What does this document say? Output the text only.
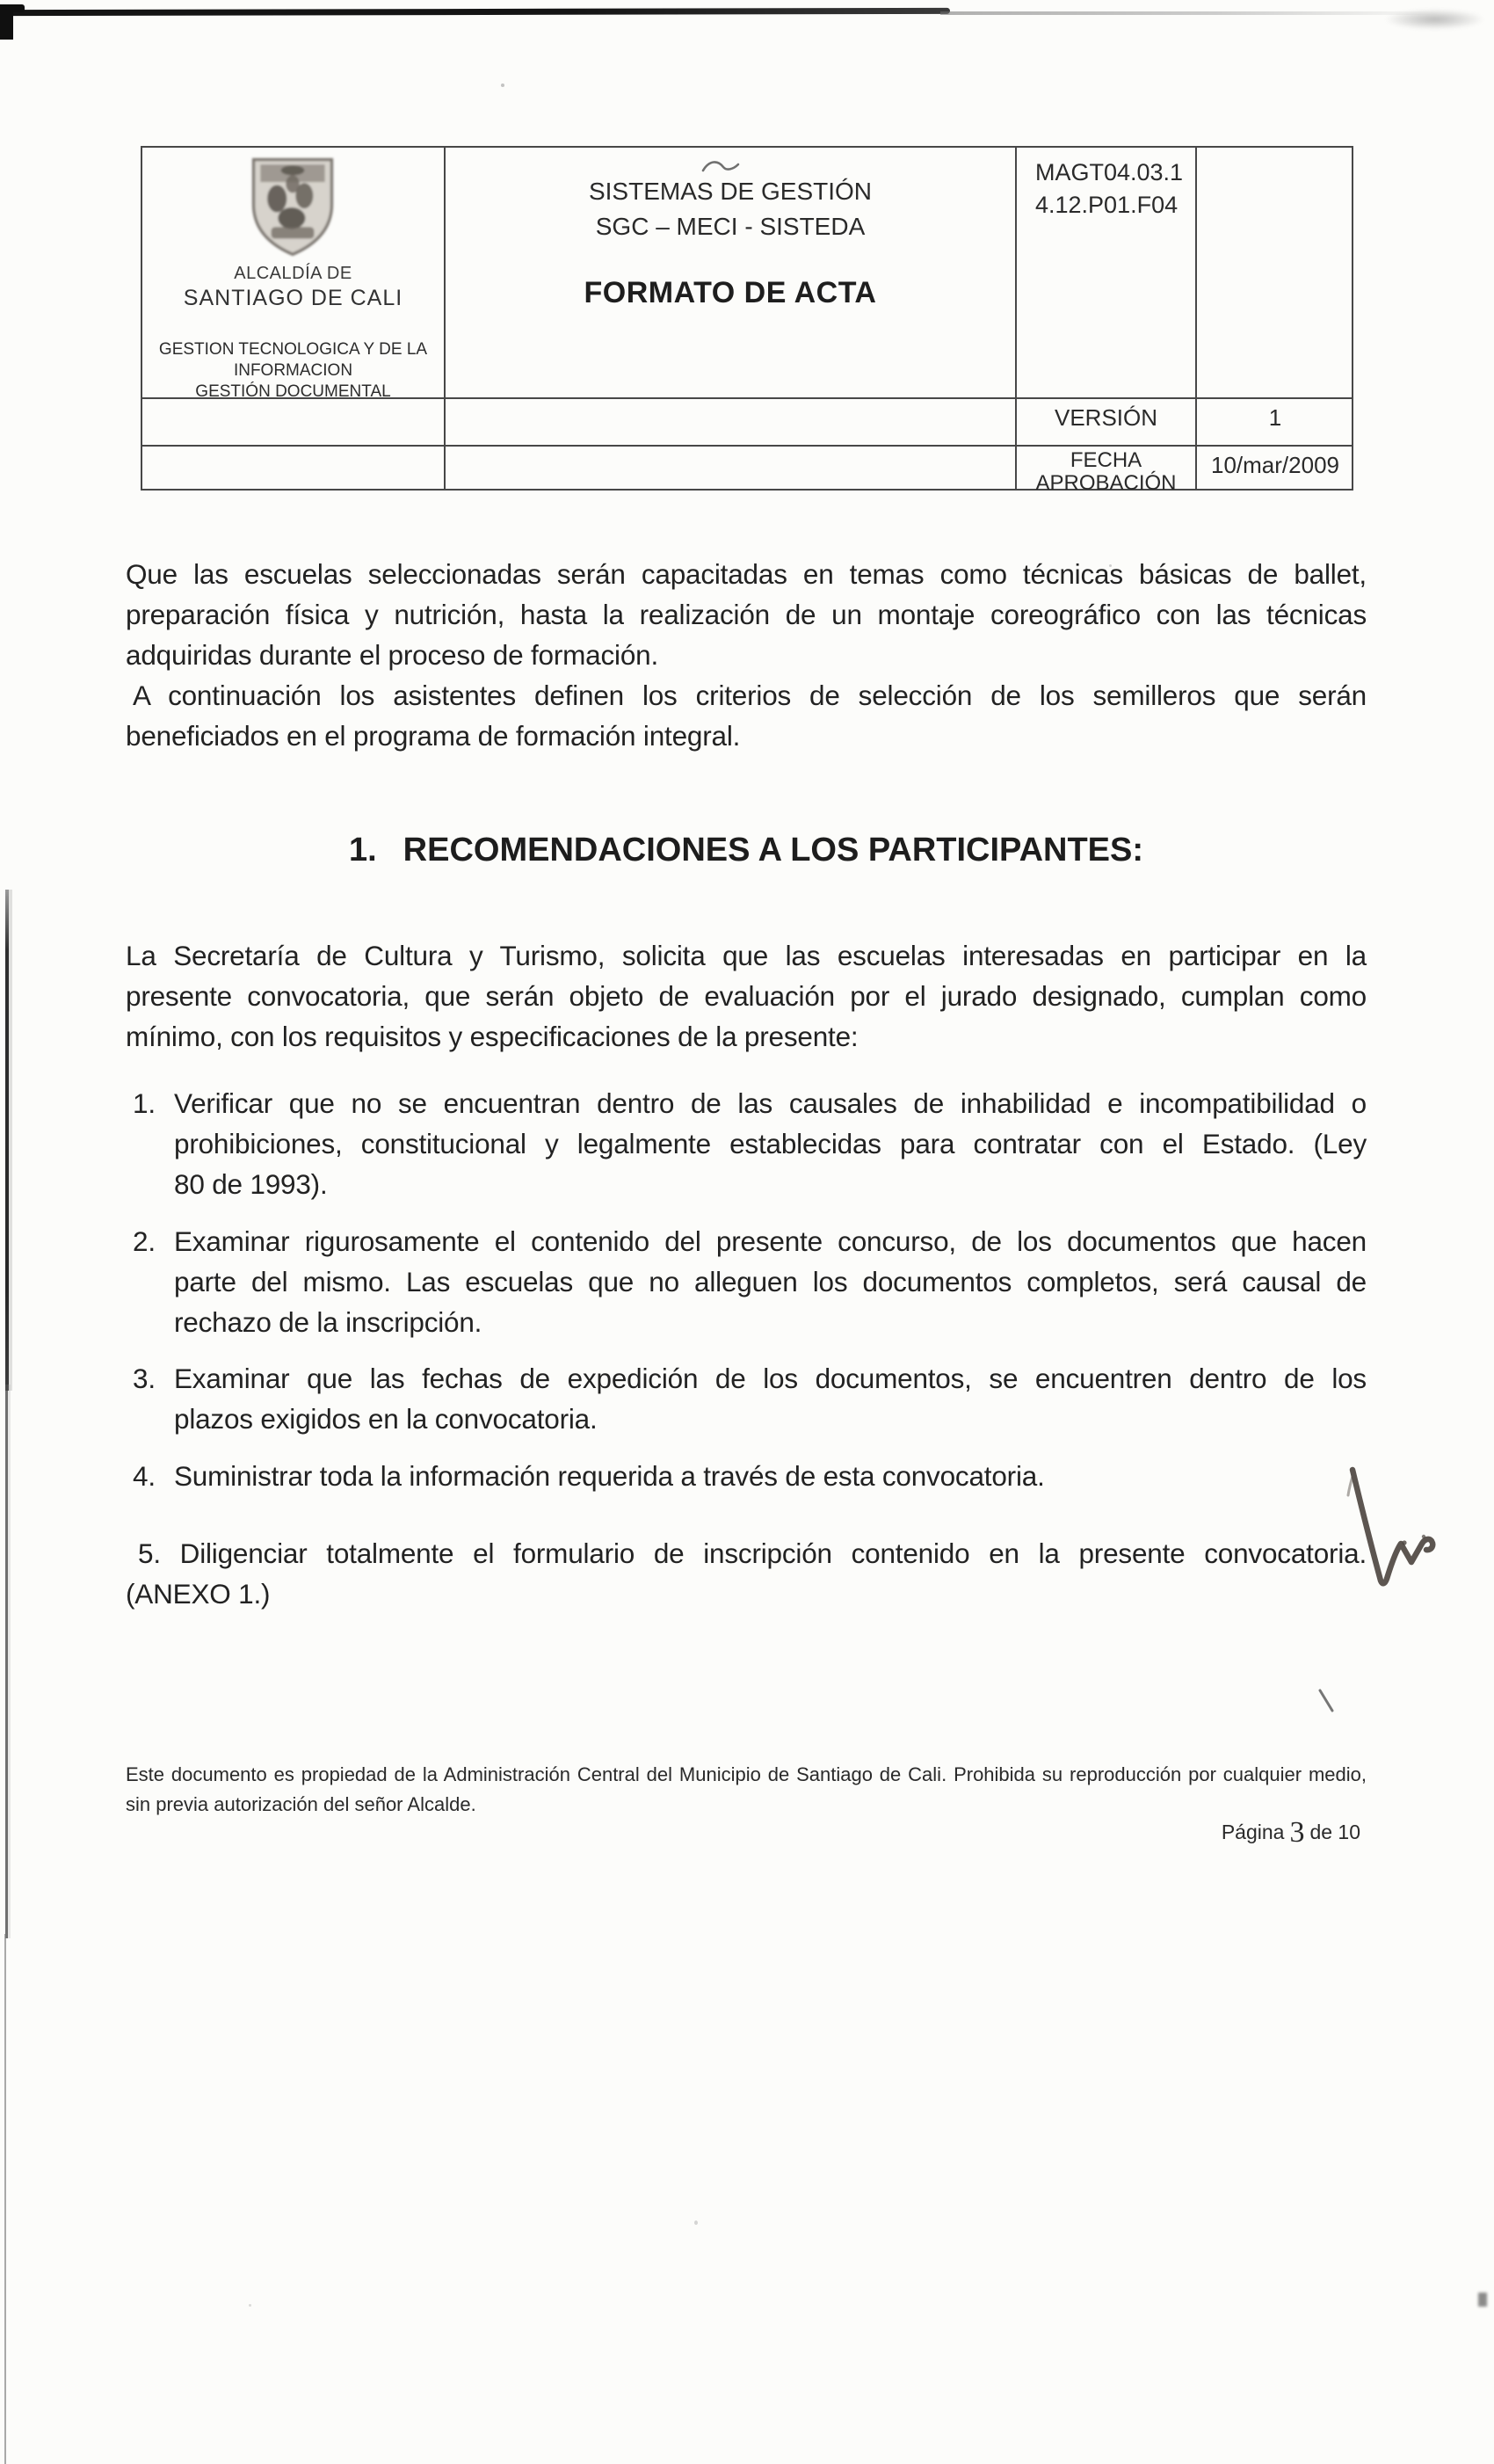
ALCALDÍA DE
SANTIAGO DE CALI
GESTION TECNOLOGICA Y DE LA
INFORMACION
GESTIÓN DOCUMENTAL
SISTEMAS DE GESTIÓN
SGC – MECI - SISTEDA
FORMATO DE ACTA
MAGT04.03.1
4.12.P01.F04
VERSIÓN	1
FECHA
APROBACIÓN
10/mar/2009
Que las escuelas seleccionadas serán capacitadas en temas como técnicas básicas de ballet,
preparación física y nutrición, hasta la realización de un montaje coreográfico con las técnicas
adquiridas durante el proceso de formación.
A continuación los asistentes definen los criterios de selección de los semilleros que serán
beneficiados en el programa de formación integral.
1. RECOMENDACIONES A LOS PARTICIPANTES:
La Secretaría de Cultura y Turismo, solicita que las escuelas interesadas en participar en la
presente convocatoria, que serán objeto de evaluación por el jurado designado, cumplan como
mínimo, con los requisitos y especificaciones de la presente:
1. Verificar que no se encuentran dentro de las causales de inhabilidad e incompatibilidad o
prohibiciones, constitucional y legalmente establecidas para contratar con el Estado. (Ley
80 de 1993).
2. Examinar rigurosamente el contenido del presente concurso, de los documentos que hacen
parte del mismo. Las escuelas que no alleguen los documentos completos, será causal de
rechazo de la inscripción.
3. Examinar que las fechas de expedición de los documentos, se encuentren dentro de los
plazos exigidos en la convocatoria.
4. Suministrar toda la información requerida a través de esta convocatoria.
5. Diligenciar totalmente el formulario de inscripción contenido en la presente convocatoria.
(ANEXO 1.)
Este documento es propiedad de la Administración Central del Municipio de Santiago de Cali. Prohibida su reproducción por cualquier medio,
sin previa autorización del señor Alcalde.
Página 3 de 10
